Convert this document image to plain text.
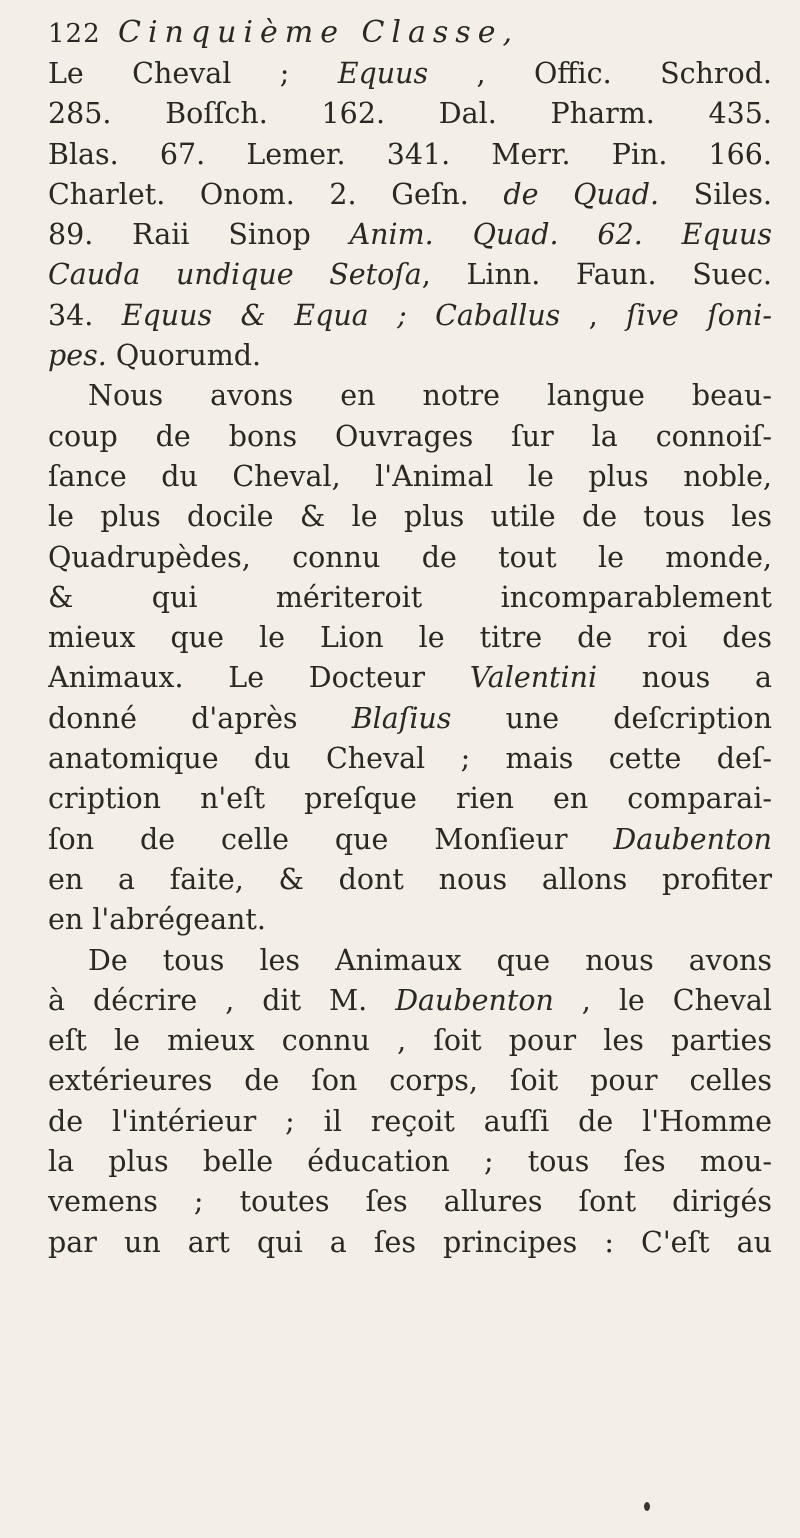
122 Cinquième Classe,
Le Cheval ; Equus , Offic. Schrod.
285. Boſſch. 162. Dal. Pharm. 435.
Blas. 67. Lemer. 341. Merr. Pin. 166.
Charlet. Onom. 2. Geſn. de Quad. Siles.
89. Raii Sinop Anim. Quad. 62. Equus
Cauda undique Setoſa, Linn. Faun. Suec.
34. Equus & Equa ; Caballus , ſive ſoni-
pes. Quorumd.
Nous avons en notre langue beau-
coup de bons Ouvrages ſur la connoiſ-
ſance du Cheval, l'Animal le plus noble,
le plus docile & le plus utile de tous les
Quadrupèdes, connu de tout le monde,
& qui mériteroit incomparablement
mieux que le Lion le titre de roi des
Animaux. Le Docteur Valentini nous a
donné d'après Blaſius une deſcription
anatomique du Cheval ; mais cette deſ-
cription n'eſt preſque rien en comparai-
ſon de celle que Monſieur Daubenton
en a faite, & dont nous allons profiter
en l'abrégeant.
De tous les Animaux que nous avons
à décrire , dit M. Daubenton , le Cheval
eſt le mieux connu , ſoit pour les parties
extérieures de ſon corps, ſoit pour celles
de l'intérieur ; il reçoit auſſi de l'Homme
la plus belle éducation ; tous ſes mou-
vemens ; toutes ſes allures ſont dirigés
par un art qui a ſes principes : C'eſt au
